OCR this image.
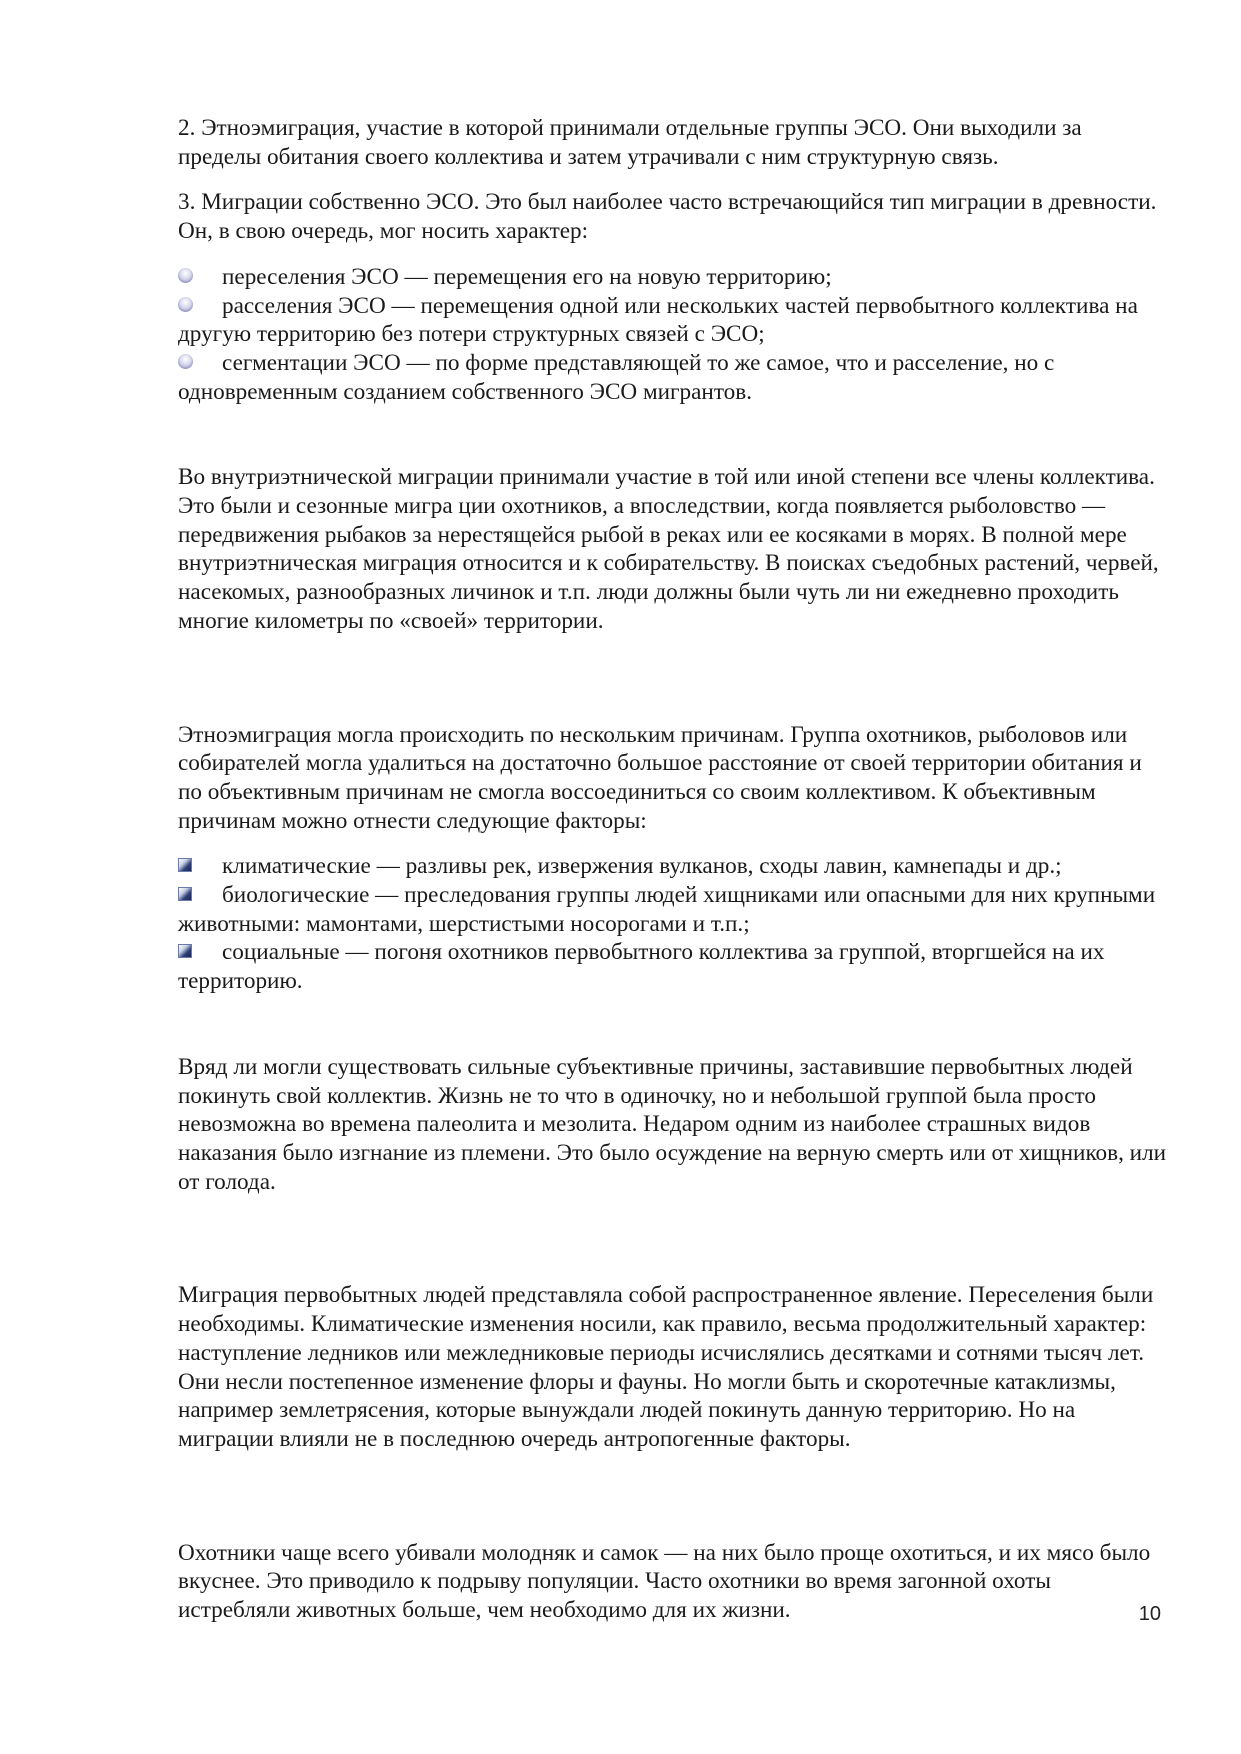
2. Этноэмиграция, участие в которой принимали отдельные группы ЭСО. Они выходили за пределы обитания своего коллектива и затем утрачивали с ним структурную связь.

3. Миграции собственно ЭСО. Это был наиболее часто встречающийся тип миграции в древности. Он, в свою очередь, мог носить характер:

переселения ЭСО — перемещения его на новую территорию;
расселения ЭСО — перемещения одной или нескольких частей первобытного коллектива на другую территорию без потери структурных связей с ЭСО;
сегментации ЭСО — по форме представляющей то же самое, что и расселение, но с одновременным созданием собственного ЭСО мигрантов.

Во внутриэтнической миграции принимали участие в той или иной степени все члены коллектива. Это были и сезонные мигра ции охотников, а впоследствии, когда появляется рыболовство — передвижения рыбаков за нерестящейся рыбой в реках или ее косяками в морях. В полной мере внутриэтническая миграция относится и к собирательству. В поисках съедобных растений, червей, насекомых, разнообразных личинок и т.п. люди должны были чуть ли ни ежедневно проходить многие километры по «своей» территории.

Этноэмиграция могла происходить по нескольким причинам. Группа охотников, рыболовов или собирателей могла удалиться на достаточно большое расстояние от своей территории обитания и по объективным причинам не смогла воссоединиться со своим коллективом. К объективным причинам можно отнести следующие факторы:

климатические — разливы рек, извержения вулканов, сходы лавин, камнепады и др.;
биологические — преследования группы людей хищниками или опасными для них крупными животными: мамонтами, шерстистыми носорогами и т.п.;
социальные — погоня охотников первобытного коллектива за группой, вторгшейся на их территорию.

Вряд ли могли существовать сильные субъективные причины, заставившие первобытных людей покинуть свой коллектив. Жизнь не то что в одиночку, но и небольшой группой была просто невозможна во времена палеолита и мезолита. Недаром одним из наиболее страшных видов наказания было изгнание из племени. Это было осуждение на верную смерть или от хищников, или от голода.

Миграция первобытных людей представляла собой распространенное явление. Переселения были необходимы. Климатические изменения носили, как правило, весьма продолжительный характер: наступление ледников или межледниковые периоды исчислялись десятками и сотнями тысяч лет. Они несли постепенное изменение флоры и фауны. Но могли быть и скоротечные катаклизмы, например землетрясения, которые вынуждали людей покинуть данную территорию. Но на миграции влияли не в последнюю очередь антропогенные факторы.

Охотники чаще всего убивали молодняк и самок — на них было проще охотиться, и их мясо было вкуснее. Это приводило к подрыву популяции. Часто охотники во время загонной охоты истребляли животных больше, чем необходимо для их жизни.	10
